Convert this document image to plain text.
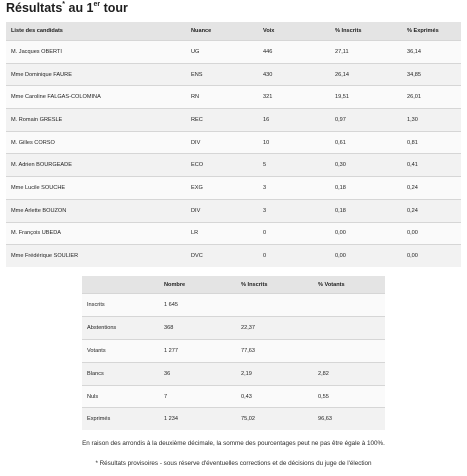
Résultats* au 1er tour
Liste des candidats	Nuance	Voix	% Inscrits	% Exprimés
M. Jacques OBERTI	UG	446	27,11	36,14
Mme Dominique FAURE	ENS	430	26,14	34,85
Mme Caroline FALGAS-COLOMINA	RN	321	19,51	26,01
M. Romain GRESLE	REC	16	0,97	1,30
M. Gilles CORSO	DIV	10	0,61	0,81
M. Adrien BOURGEADE	ECO	5	0,30	0,41
Mme Lucile SOUCHE	EXG	3	0,18	0,24
Mme Arlette BOUZON	DIV	3	0,18	0,24
M. François UBEDA	LR	0	0,00	0,00
Mme Frédérique SOULIER	DVC	0	0,00	0,00
	Nombre	% Inscrits	% Votants
Inscrits	1 645		
Abstentions	368	22,37	
Votants	1 277	77,63	
Blancs	36	2,19	2,82
Nuls	7	0,43	0,55
Exprimés	1 234	75,02	96,63
En raison des arrondis à la deuxième décimale, la somme des pourcentages peut ne pas être égale à 100%.
* Résultats provisoires - sous réserve d'éventuelles corrections et de décisions du juge de l'élection
